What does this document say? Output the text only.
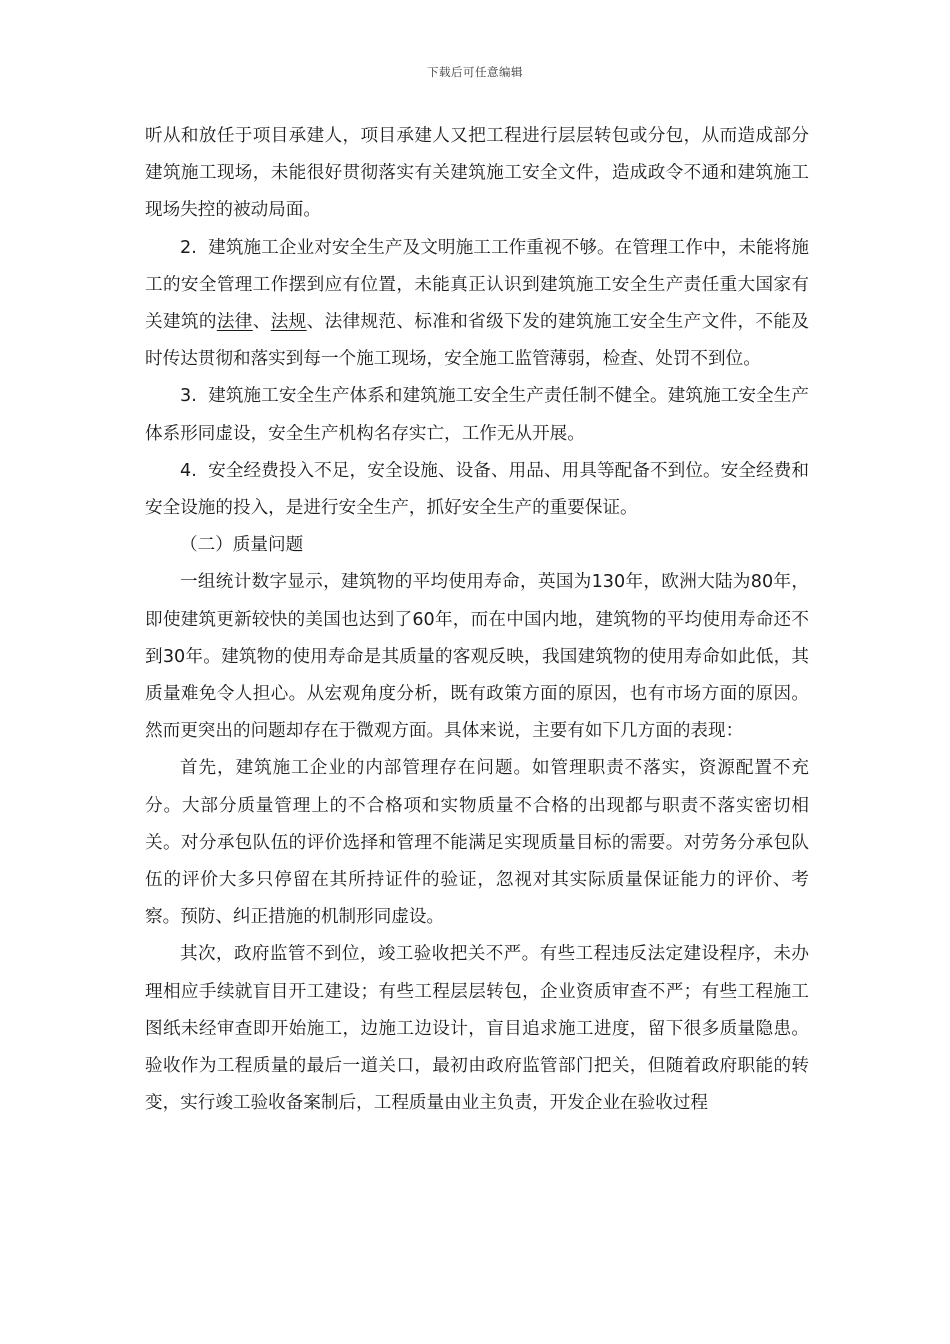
下载后可任意编辑

听从和放任于项目承建人，项目承建人又把工程进行层层转包或分包，从而造成部分建筑施工现场，未能很好贯彻落实有关建筑施工安全文件，造成政令不通和建筑施工现场失控的被动局面。

2. 建筑施工企业对安全生产及文明施工工作重视不够。在管理工作中，未能将施工的安全管理工作摆到应有位置，未能真正认识到建筑施工安全生产责任重大国家有关建筑的法律、法规、法律规范、标准和省级下发的建筑施工安全生产文件，不能及时传达贯彻和落实到每一个施工现场，安全施工监管薄弱，检查、处罚不到位。

3. 建筑施工安全生产体系和建筑施工安全生产责任制不健全。建筑施工安全生产体系形同虚设，安全生产机构名存实亡，工作无从开展。

4. 安全经费投入不足，安全设施、设备、用品、用具等配备不到位。安全经费和安全设施的投入，是进行安全生产，抓好安全生产的重要保证。

（二）质量问题

一组统计数字显示，建筑物的平均使用寿命，英国为130年，欧洲大陆为80年，即使建筑更新较快的美国也达到了60年，而在中国内地，建筑物的平均使用寿命还不到30年。建筑物的使用寿命是其质量的客观反映，我国建筑物的使用寿命如此低，其质量难免令人担心。从宏观角度分析，既有政策方面的原因，也有市场方面的原因。然而更突出的问题却存在于微观方面。具体来说，主要有如下几方面的表现：

首先，建筑施工企业的内部管理存在问题。如管理职责不落实，资源配置不充分。大部分质量管理上的不合格项和实物质量不合格的出现都与职责不落实密切相关。对分承包队伍的评价选择和管理不能满足实现质量目标的需要。对劳务分承包队伍的评价大多只停留在其所持证件的验证，忽视对其实际质量保证能力的评价、考察。预防、纠正措施的机制形同虚设。

其次，政府监管不到位，竣工验收把关不严。有些工程违反法定建设程序，未办理相应手续就盲目开工建设；有些工程层层转包，企业资质审查不严；有些工程施工图纸未经审查即开始施工，边施工边设计，盲目追求施工进度，留下很多质量隐患。验收作为工程质量的最后一道关口，最初由政府监管部门把关，但随着政府职能的转变，实行竣工验收备案制后，工程质量由业主负责，开发企业在验收过程
